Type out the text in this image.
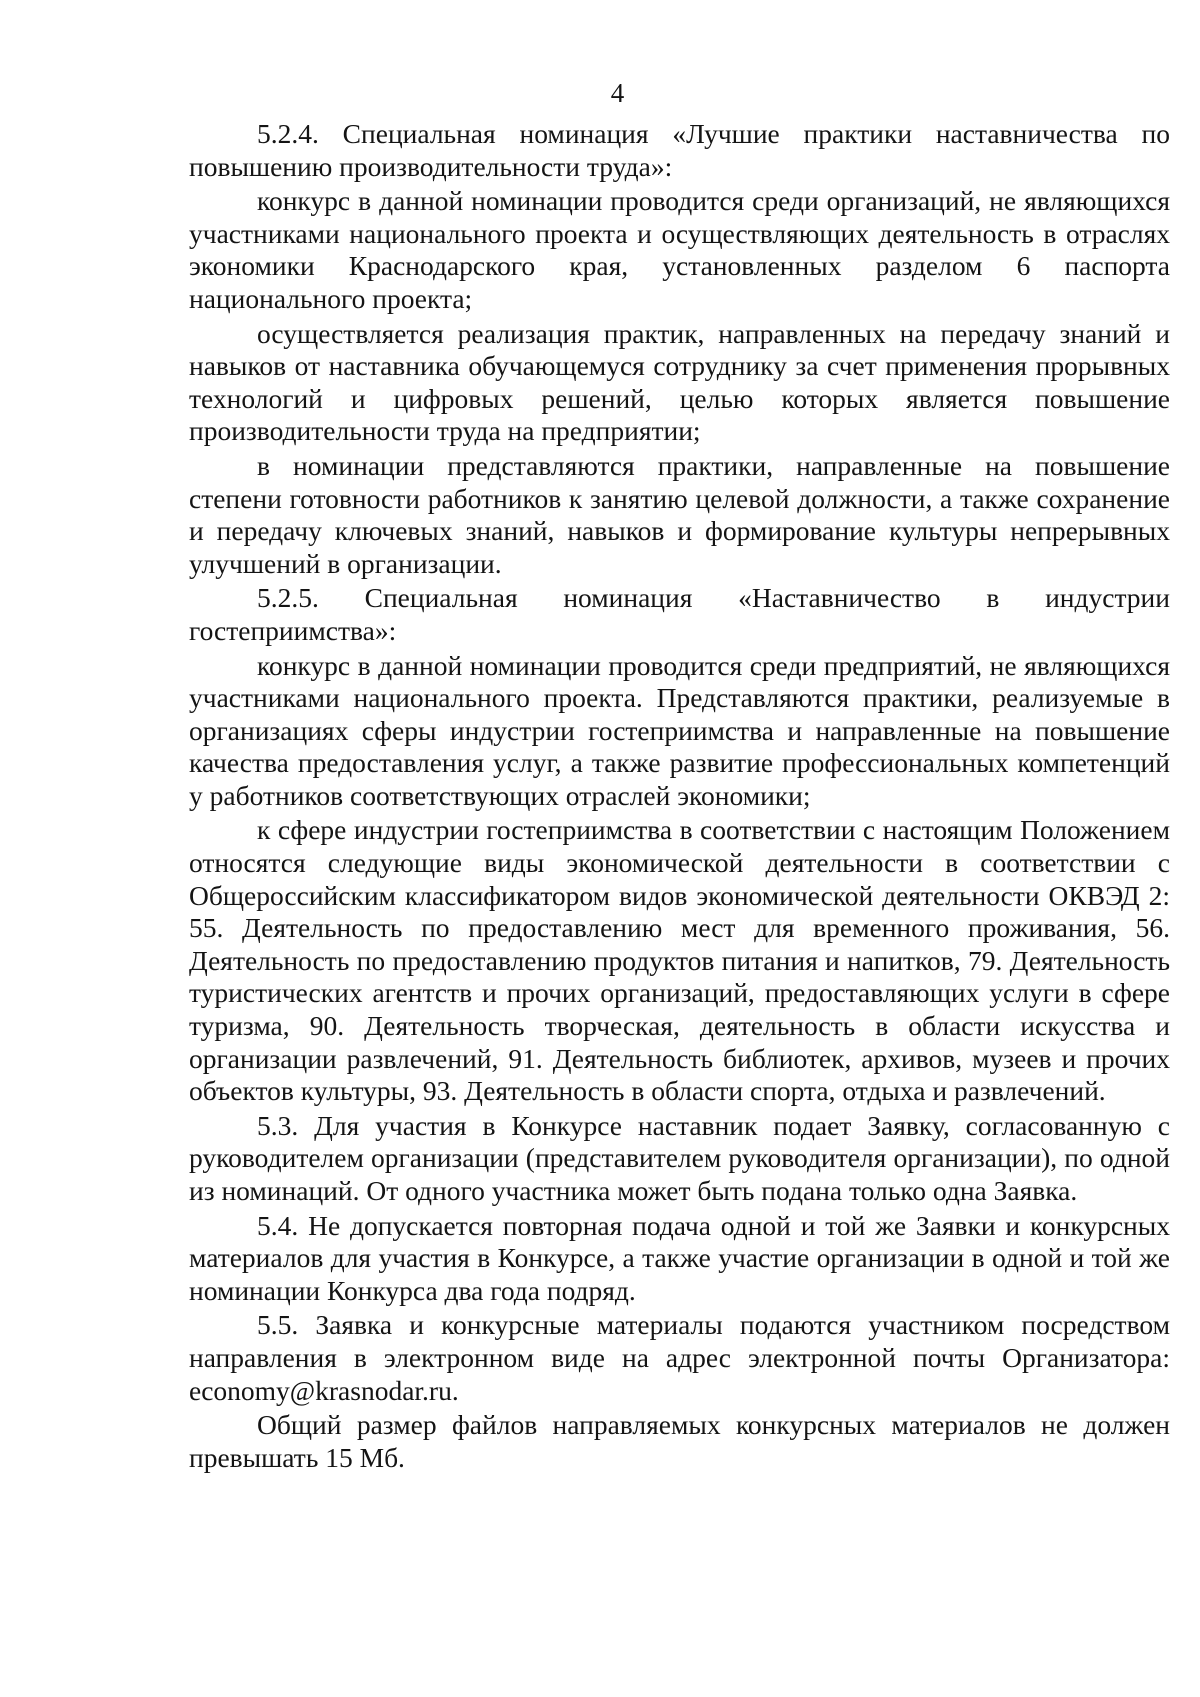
4

5.2.4. Специальная номинация «Лучшие практики наставничества по повышению производительности труда»:

конкурс в данной номинации проводится среди организаций, не являющихся участниками национального проекта и осуществляющих деятельность в отраслях экономики Краснодарского края, установленных разделом 6 паспорта национального проекта;

осуществляется реализация практик, направленных на передачу знаний и навыков от наставника обучающемуся сотруднику за счет применения прорывных технологий и цифровых решений, целью которых является повышение производительности труда на предприятии;

в номинации представляются практики, направленные на повышение степени готовности работников к занятию целевой должности, а также сохранение и передачу ключевых знаний, навыков и формирование культуры непрерывных улучшений в организации.

5.2.5. Специальная номинация «Наставничество в индустрии гостеприимства»:

конкурс в данной номинации проводится среди предприятий, не являющихся участниками национального проекта. Представляются практики, реализуемые в организациях сферы индустрии гостеприимства и направленные на повышение качества предоставления услуг, а также развитие профессиональных компетенций у работников соответствующих отраслей экономики;

к сфере индустрии гостеприимства в соответствии с настоящим Положением относятся следующие виды экономической деятельности в соответствии с Общероссийским классификатором видов экономической деятельности ОКВЭД 2: 55. Деятельность по предоставлению мест для временного проживания, 56. Деятельность по предоставлению продуктов питания и напитков, 79. Деятельность туристических агентств и прочих организаций, предоставляющих услуги в сфере туризма, 90. Деятельность творческая, деятельность в области искусства и организации развлечений, 91. Деятельность библиотек, архивов, музеев и прочих объектов культуры, 93. Деятельность в области спорта, отдыха и развлечений.

5.3. Для участия в Конкурсе наставник подает Заявку, согласованную с руководителем организации (представителем руководителя организации), по одной из номинаций. От одного участника может быть подана только одна Заявка.

5.4. Не допускается повторная подача одной и той же Заявки и конкурсных материалов для участия в Конкурсе, а также участие организации в одной и той же номинации Конкурса два года подряд.

5.5. Заявка и конкурсные материалы подаются участником посредством направления в электронном виде на адрес электронной почты Организатора: economy@krasnodar.ru.

Общий размер файлов направляемых конкурсных материалов не должен превышать 15 Мб.
